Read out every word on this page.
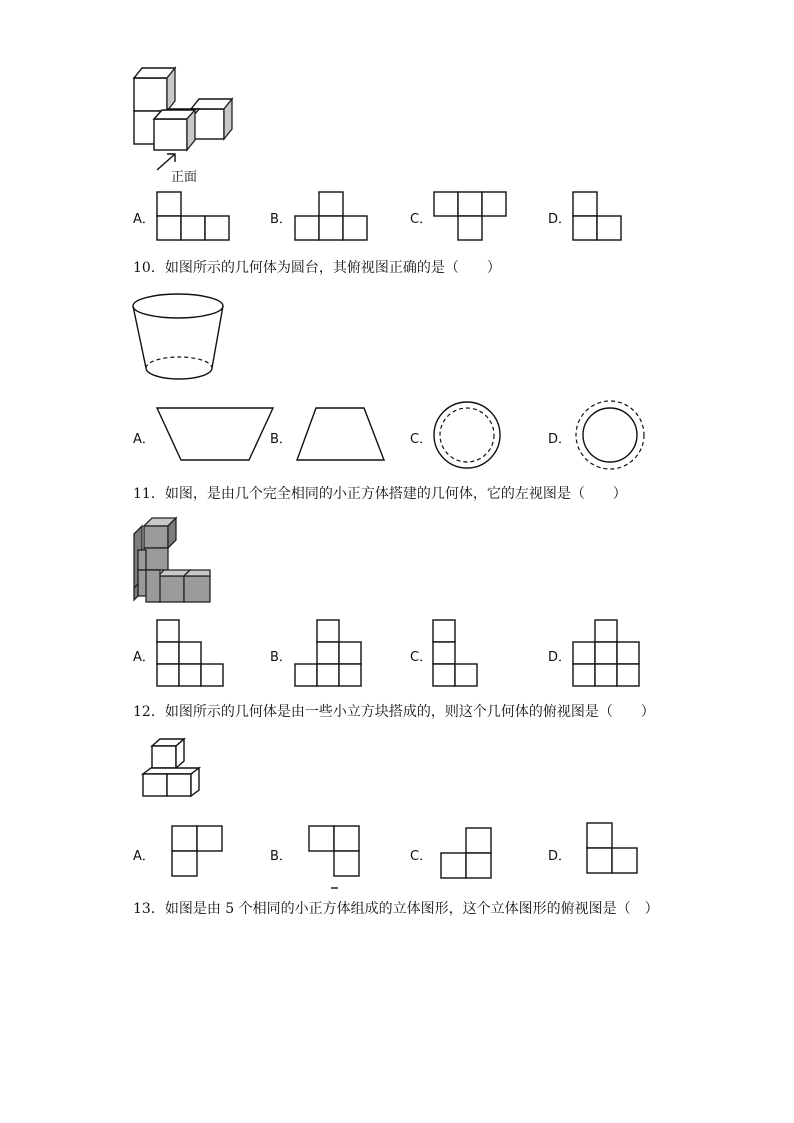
正面
A．	B．	C．	D．
10．如图所示的几何体为圆台，其俯视图正确的是（　　）
A．	B．	C．	D．
11．如图，是由几个完全相同的小正方体搭建的几何体，它的左视图是（　　）
A．	B．	C．	D．
12．如图所示的几何体是由一些小立方块搭成的，则这个几何体的俯视图是（　　）
A．	B．	C．	D．
13．如图是由 5 个相同的小正方体组成的立体图形，这个立体图形的俯视图是（　）
